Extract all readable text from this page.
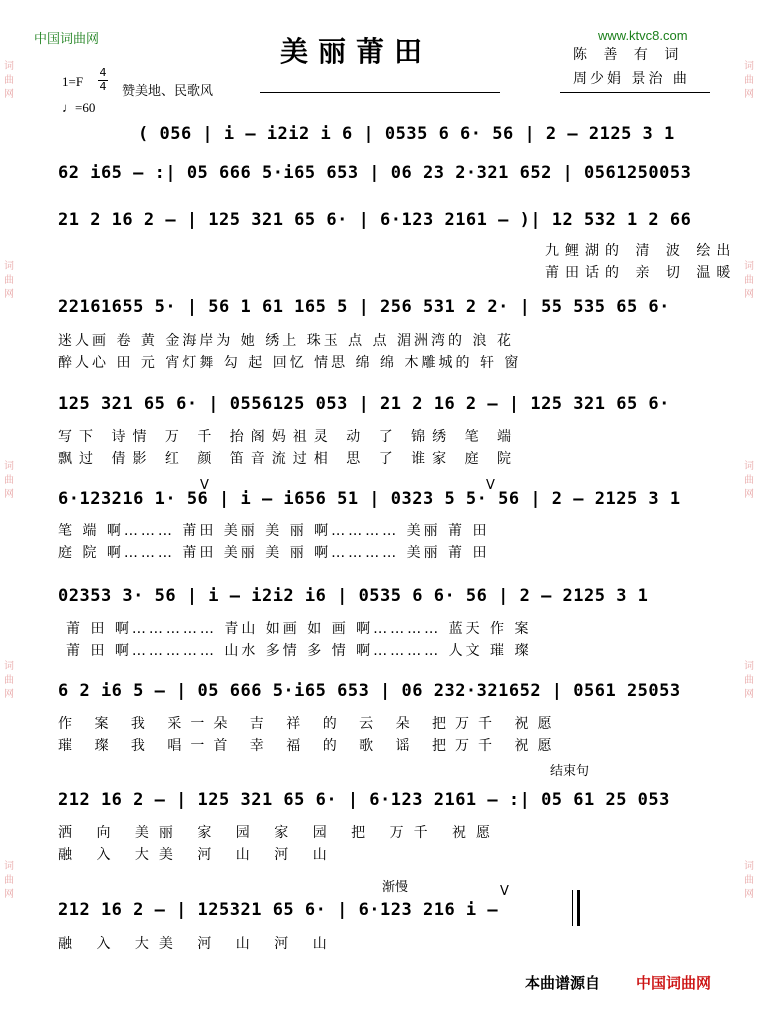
词曲网
词曲网
词曲网
词曲网
词曲网
词曲网
词曲网
词曲网
词曲网
词曲网
中国词曲网	www.ktvc8.com
美丽莆田	陈 善 有 词
周少娟 景治 曲
1=F
4
4 赞美地、民歌风
♩=60
( 056 | i – i2i2 i 6 | 0535 6 6· 56 | 2 – 2125 3 1
62 i65 – :| 05 666 5·i65 653 | 06 23 2·321 652 | 0561250053
21 2 16 2 – | 125 321 65 6· | 6·123 2161 – )| 12 532 1 2 66
九鲤湖的 清 波 绘出
莆田话的 亲 切 温暖
22161655 5· | 56 1 61 165 5 | 256 531 2 2· | 55 535 65 6·
迷人画 卷 黄 金海岸为 她 绣上 珠玉 点 点 湄洲湾的 浪 花
醉人心 田 元 宵灯舞 勾 起 回忆 情思 绵 绵 木雕城的 轩 窗
125 321 65 6· | 0556125 053 | 21 2 16 2 – | 125 321 65 6·
写下 诗情 万 千 抬阁妈祖灵 动 了 锦绣 笔 端
飘过 倩影 红 颜 笛音流过相 思 了 谁家 庭 院
V	V
6·123216 1· 56 | i – i656 51 | 0323 5 5· 56 | 2 – 2125 3 1
笔 端 啊……… 莆田 美丽 美 丽 啊………… 美丽 莆 田
庭 院 啊……… 莆田 美丽 美 丽 啊………… 美丽 莆 田
02353 3· 56 | i – i2i2 i6 | 0535 6 6· 56 | 2 – 2125 3 1
莆 田 啊…………… 青山 如画 如 画 啊………… 蓝天 作 案
莆 田 啊…………… 山水 多情 多 情 啊………… 人文 璀 璨
6 2 i6 5 – | 05 666 5·i65 653 | 06 232·321652 | 0561 25053
作 案 我 采一朵 吉 祥 的 云 朵 把万千 祝愿
璀 璨 我 唱一首 幸 福 的 歌 谣 把万千 祝愿
结束句
212 16 2 – | 125 321 65 6· | 6·123 2161 – :| 05 61 25 053
洒 向 美丽 家 园 家 园 把 万千 祝愿
融 入 大美 河 山 河 山
渐慢	V
212 16 2 – | 125321 65 6· | 6·123 216 i –
融 入 大美 河 山 河 山
本曲谱源自 中国词曲网
